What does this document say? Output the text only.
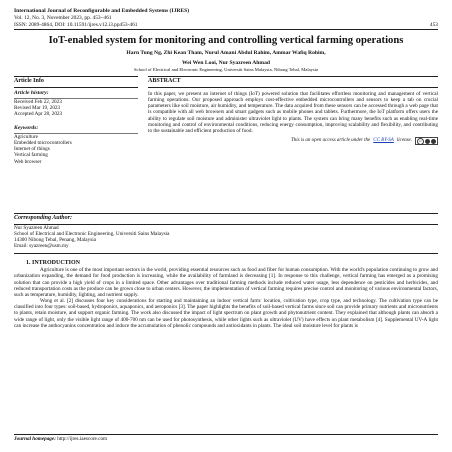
International Journal of Reconfigurable and Embedded Systems (IJRES)
Vol. 12, No. 3, November 2023, pp. 453~461
ISSN: 2089-4864, DOI: 10.11591/ijres.v12.i3.pp453-461	453
IoT-enabled system for monitoring and controlling vertical farming operations
Harn Tung Ng, Zhi Kean Tham, Nurul Amani Abdul Rahim, Ammar Wafiq Rohim,
Wei Wen Looi, Nur Syazreen Ahmad
School of Electrical and Electronic Engineering, Universiti Sains Malaysia, Nibong Tebal, Malaysia
Article Info
Article history:
Received Feb 22, 2023
Revised Mar 19, 2023
Accepted Apr 28, 2023
Keywords:
Agriculture
Embedded microcontrollers
Internet of things
Vertical farming
Web browser
ABSTRACT
In this paper, we present an internet of things (IoT) powered solution that facilitates effortless monitoring and management of vertical farming operations. Our proposed approach employs cost-effective embedded microcontrollers and sensors to keep a tab on crucial parameters like soil moisture, air humidity, and temperature. The data acquired from these sensors can be accessed through a web page that is compatible with all web browsers and smart gadgets such as mobile phones and tablets. Furthermore, the IoT platform offers users the ability to regulate soil moisture and administer ultraviolet light to plants. The system can bring many benefits such as enabling real-time monitoring and control of environmental conditions, reducing energy consumption, improving scalability and flexibility, and contributing to the sustainable and efficient production of food.
This is an open access article under the CC BY-SA license.	cc
Corresponding Author:
Nur Syazreen Ahmad
School of Electrical and Electronic Engineering, Universiti Sains Malaysia
14300 Nibong Tebal, Penang, Malaysia
Email: syazreen@usm.my
1. INTRODUCTION
Agriculture is one of the most important sectors in the world, providing essential resources such as food and fiber for human consumption. With the world's population continuing to grow and urbanization expanding, the demand for food production is increasing, while the availability of farmland is decreasing [1]. In response to this challenge, vertical farming has emerged as a promising solution that can provide a high yield of crops in a limited space. Other advantages over traditional farming methods include reduced water usage, less dependence on pesticides and herbicides, and reduced transportation costs as the produce can be grown close to urban centers. However, the implementation of vertical farming requires precise control and monitoring of various environmental factors, such as temperature, humidity, lighting, and nutrient supply.
Wong et al. [2] discusses four key considerations for starting and maintaining an indoor vertical farm: location, cultivation type, crop type, and technology. The cultivation type can be classified into four types: soil-based, hydroponics, aquaponics, and aeroponics [3]. The paper highlights the benefits of soil-based vertical farms since soil can provide primary nutrients and micronutrients to plants, retain moisture, and support organic farming. The work also discussed the impact of light spectrum on plant growth and phytonutrient content. They explained that although plants can absorb a wide range of light, only the visible light range of 400-700 nm can be used for photosynthesis, while other lights such as ultraviolet (UV) have effects on plant metabolism [4]. Supplemental UV-A light can increase the anthocyanins concentration and induce the accumulation of phenolic compounds and antioxidants in plants. The ideal soil moisture level for plants is
Journal homepage: http://ijres.iaescore.com
